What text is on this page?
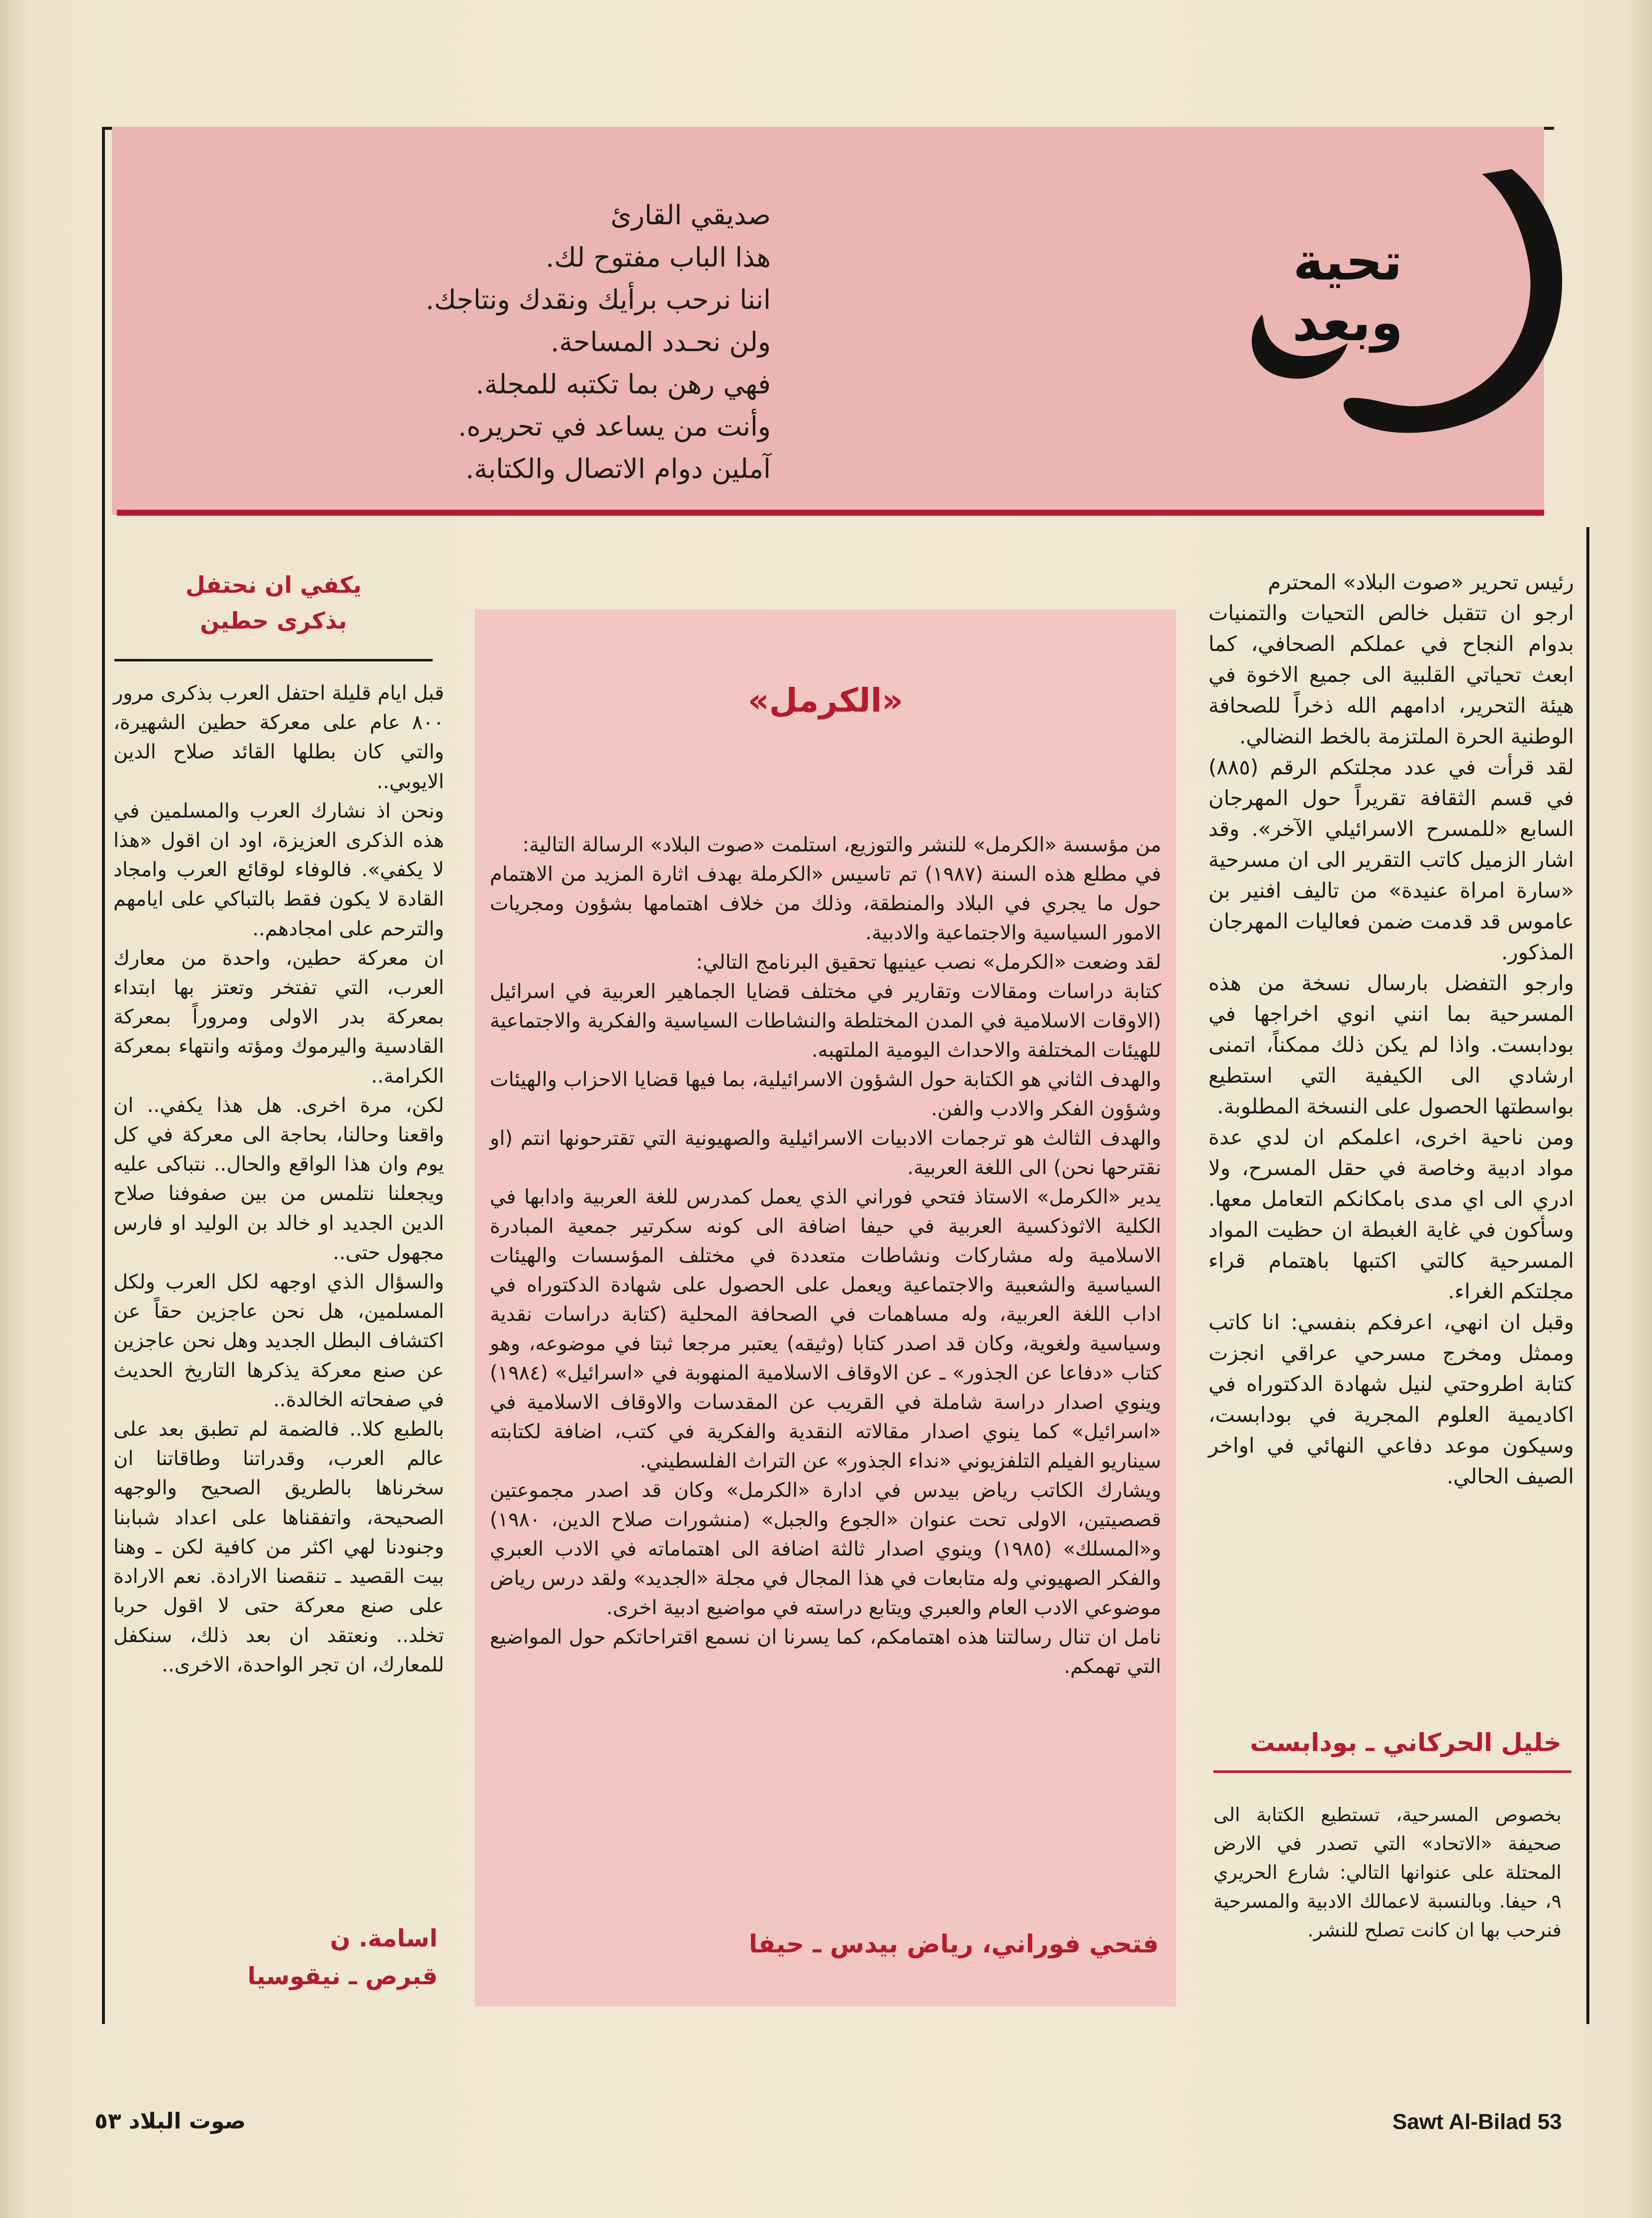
صديقي القارئ
هذا الباب مفتوح لك.
اننا نرحب برأيك ونقدك ونتاجك.
ولن نحـدد المساحة.
فهي رهن بما تكتبه للمجلة.
وأنت من يساعد في تحريره.
آملين دوام الاتصال والكتابة.
تحية وبعد

رئيس تحرير «صوت البلاد» المحترم

ارجو ان تتقبل خالص التحيات والتمنيات بدوام النجاح في عملكم الصحافي، كما ابعث تحياتي القلبية الى جميع الاخوة في هيئة التحرير، ادامهم الله ذخراً للصحافة الوطنية الحرة الملتزمة بالخط النضالي.

لقد قرأت في عدد مجلتكم الرقم (٨٨٥) في قسم الثقافة تقريراً حول المهرجان السابع «للمسرح الاسرائيلي الآخر». وقد اشار الزميل كاتب التقرير الى ان مسرحية «سارة امراة عنيدة» من تاليف افنير بن عاموس قد قدمت ضمن فعاليات المهرجان المذكور.

وارجو التفضل بارسال نسخة من هذه المسرحية بما انني انوي اخراجها في بودابست. واذا لم يكن ذلك ممكناً، اتمنى ارشادي الى الكيفية التي استطيع بواسطتها الحصول على النسخة المطلوبة.

ومن ناحية اخرى، اعلمكم ان لدي عدة مواد ادبية وخاصة في حقل المسرح، ولا ادري الى اي مدى بامكانكم التعامل معها. وسأكون في غاية الغبطة ان حظيت المواد المسرحية كالتي اكتبها باهتمام قراء مجلتكم الغراء.

وقبل ان انهي، اعرفكم بنفسي: انا كاتب وممثل ومخرج مسرحي عراقي انجزت كتابة اطروحتي لنيل شهادة الدكتوراه في اكاديمية العلوم المجرية في بودابست، وسيكون موعد دفاعي النهائي في اواخر الصيف الحالي.

خليل الحركاني ـ بودابست
بخصوص المسرحية، تستطيع الكتابة الى صحيفة «الاتحاد» التي تصدر في الارض المحتلة على عنوانها التالي: شارع الحريري ٩، حيفا. وبالنسبة لاعمالك الادبية والمسرحية فنرحب بها ان كانت تصلح للنشر.
«الكرمل»

من مؤسسة «الكرمل» للنشر والتوزيع، استلمت «صوت البلاد» الرسالة التالية:

في مطلع هذه السنة (١٩٨٧) تم تاسيس «الكرملة بهدف اثارة المزيد من الاهتمام حول ما يجري في البلاد والمنطقة، وذلك من خلاف اهتمامها بشؤون ومجريات الامور السياسية والاجتماعية والادبية.

لقد وضعت «الكرمل» نصب عينيها تحقيق البرنامج التالي:

كتابة دراسات ومقالات وتقارير في مختلف قضايا الجماهير العربية في اسرائيل (الاوقات الاسلامية في المدن المختلطة والنشاطات السياسية والفكرية والاجتماعية للهيئات المختلفة والاحداث اليومية الملتهبه.

والهدف الثاني هو الكتابة حول الشؤون الاسرائيلية، بما فيها قضايا الاحزاب والهيئات وشؤون الفكر والادب والفن.

والهدف الثالث هو ترجمات الادبيات الاسرائيلية والصهيونية التي تقترحونها انتم (او نقترحها نحن) الى اللغة العربية.

يدير «الكرمل» الاستاذ فتحي فوراني الذي يعمل كمدرس للغة العربية وادابها في الكلية الاثوذكسية العربية في حيفا اضافة الى كونه سكرتير جمعية المبادرة الاسلامية وله مشاركات ونشاطات متعددة في مختلف المؤسسات والهيئات السياسية والشعبية والاجتماعية ويعمل على الحصول على شهادة الدكتوراه في اداب اللغة العربية، وله مساهمات في الصحافة المحلية (كتابة دراسات نقدية وسياسية ولغوية، وكان قد اصدر كتابا (وثيقه) يعتبر مرجعا ثبتا في موضوعه، وهو كتاب «دفاعا عن الجذور» ـ عن الاوقاف الاسلامية المنهوبة في «اسرائيل» (١٩٨٤) وينوي اصدار دراسة شاملة في القريب عن المقدسات والاوقاف الاسلامية في «اسرائيل» كما ينوي اصدار مقالاته النقدية والفكرية في كتب، اضافة لكتابته سيناريو الفيلم التلفزيوني «نداء الجذور» عن التراث الفلسطيني.

ويشارك الكاتب رياض بيدس في ادارة «الكرمل» وكان قد اصدر مجموعتين قصصيتين، الاولى تحت عنوان «الجوع والجبل» (منشورات صلاح الدين، ١٩٨٠) و«المسلك» (١٩٨٥) وينوي اصدار ثالثة اضافة الى اهتماماته في الادب العبري والفكر الصهيوني وله متابعات في هذا المجال في مجلة «الجديد» ولقد درس رياض موضوعي الادب العام والعبري ويتابع دراسته في مواضيع ادبية اخرى.

نامل ان تنال رسالتنا هذه اهتمامكم، كما يسرنا ان نسمع اقتراحاتكم حول المواضيع التي تهمكم.

فتحي فوراني، رياض بيدس ـ حيفا
يكفي ان نحتفل
بذكرى حطين

قبل ايام قليلة احتفل العرب بذكرى مرور ٨٠٠ عام على معركة حطين الشهيرة، والتي كان بطلها القائد صلاح الدين الايوبي..

ونحن اذ نشارك العرب والمسلمين في هذه الذكرى العزيزة، اود ان اقول «هذا لا يكفي». فالوفاء لوقائع العرب وامجاد القادة لا يكون فقط بالتباكي على ايامهم والترحم على امجادهم..

ان معركة حطين، واحدة من معارك العرب، التي تفتخر وتعتز بها ابتداء بمعركة بدر الاولى ومروراً بمعركة القادسية واليرموك ومؤته وانتهاء بمعركة الكرامة..

لكن، مرة اخرى. هل هذا يكفي.. ان واقعنا وحالنا، بحاجة الى معركة في كل يوم وان هذا الواقع والحال.. نتباكى عليه ويجعلنا نتلمس من بين صفوفنا صلاح الدين الجديد او خالد بن الوليد او فارس مجهول حتى..

والسؤال الذي اوجهه لكل العرب ولكل المسلمين، هل نحن عاجزين حقاً عن اكتشاف البطل الجديد وهل نحن عاجزين عن صنع معركة يذكرها التاريخ الحديث في صفحاته الخالدة..

بالطبع كلا.. فالضمة لم تطبق بعد على عالم العرب، وقدراتنا وطاقاتنا ان سخرناها بالطريق الصحيح والوجهه الصحيحة، واتفقناها على اعداد شبابنا وجنودنا لهي اكثر من كافية لكن ـ وهنا بيت القصيد ـ تنقصنا الارادة. نعم الارادة على صنع معركة حتى لا اقول حربا تخلد.. ونعتقد ان بعد ذلك، سنكفل للمعارك، ان تجر الواحدة، الاخرى..

اسامة. ن
قبرص ـ نيقوسيا
صوت البلاد ٥٣	Sawt Al-Bilad 53
